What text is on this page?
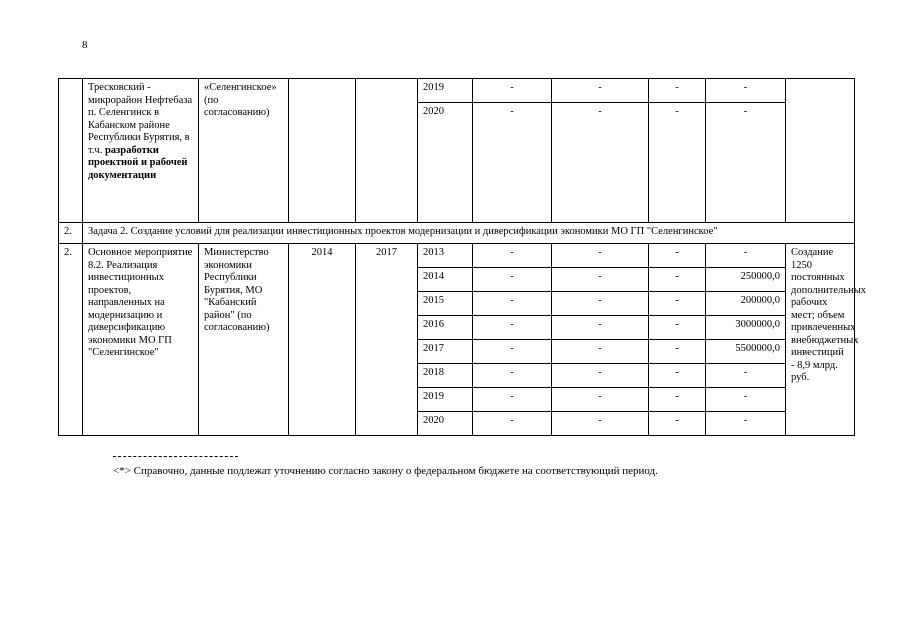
8
	Тресковский - микрорайон Нефтебаза п. Селенгинск в Кабанском районе Республики Бурятия, в т.ч. разработки проектной и рабочей документации	«Селенгинское» (по согласованию)			2019	-	-	-	-	
					2020	-	-	-	-	
2.	Задача 2. Создание условий для реализации инвестиционных проектов модернизации и диверсификации экономики МО ГП "Селенгинское"									
2.	Основное мероприятие 8.2. Реализация инвестиционных проектов, направленных на модернизацию и диверсификацию экономики МО ГП "Селенгинское"	Министерство экономики Республики Бурятия, МО "Кабанский район" (по согласованию)	2014	2017	2013	-	-	-	-	Создание 1250 постоянных дополнительных рабочих мест; объем привлеченных внебюджетных инвестиций - 8,9 млрд. руб.
					2014	-	-	-	250000,0	
					2015	-	-	-	200000,0	
					2016	-	-	-	3000000,0	
					2017	-	-	-	5500000,0	
					2018	-	-	-	-	
					2019	-	-	-	-	
					2020	-	-	-	-	
<*> Справочно, данные подлежат уточнению согласно закону о федеральном бюджете на соответствующий период.
